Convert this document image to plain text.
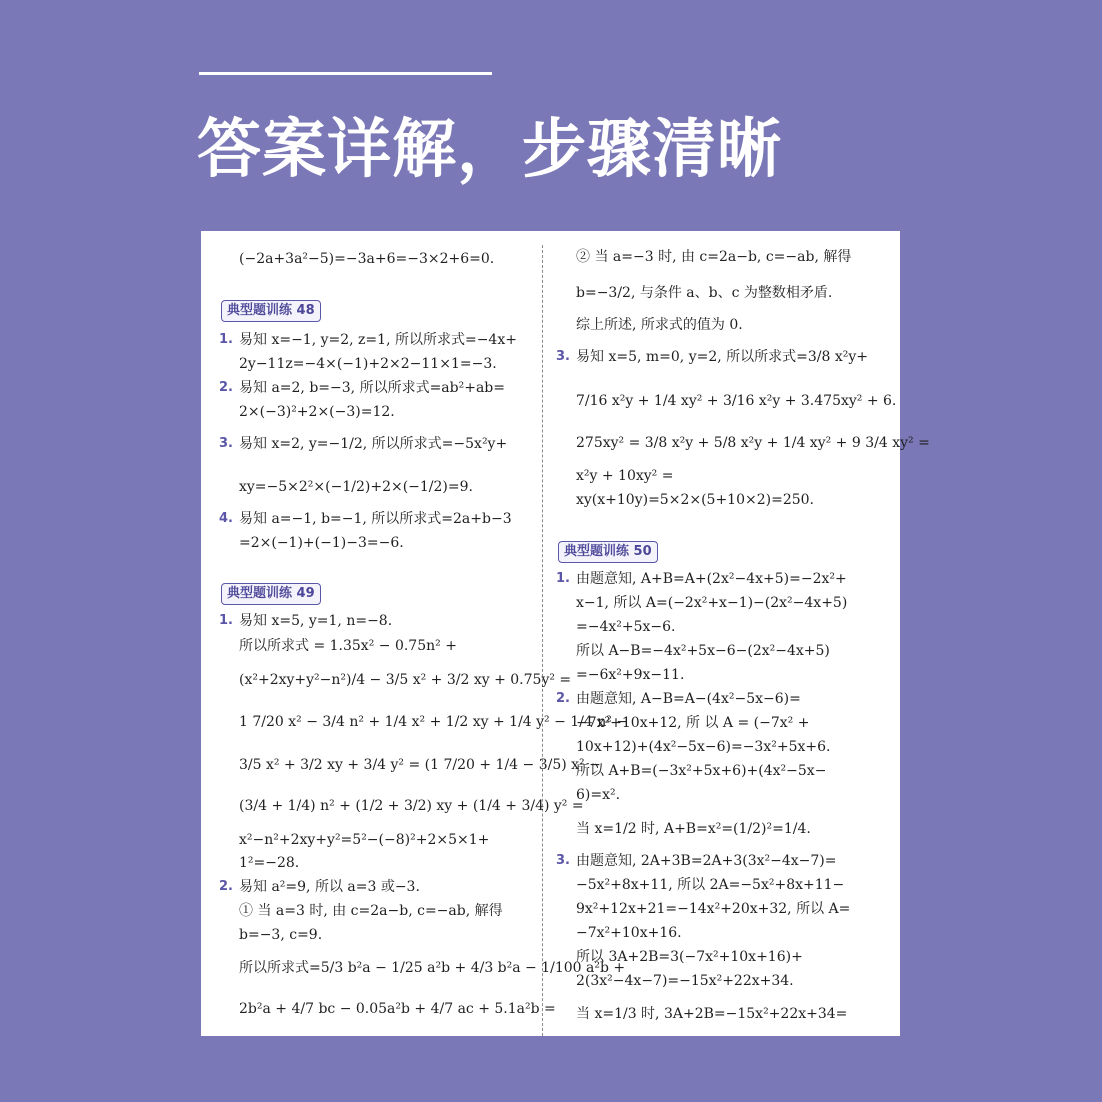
答案详解，步骤清晰
(−2a+3a²−5)=−3a+6=−3×2+6=0.
典型题训练 48
1. 易知 x=−1, y=2, z=1, 所以所求式=−4x+
2y−11z=−4×(−1)+2×2−11×1=−3.
2. 易知 a=2, b=−3, 所以所求式=ab²+ab=
2×(−3)²+2×(−3)=12.
3. 易知 x=2, y=−1/2, 所以所求式=−5x²y+
xy=−5×2²×(−1/2)+2×(−1/2)=9.
4. 易知 a=−1, b=−1, 所以所求式=2a+b−3
=2×(−1)+(−1)−3=−6.
典型题训练 49
1. 易知 x=5, y=1, n=−8.
所以所求式 = 1.35x² − 0.75n² +
(x²+2xy+y²−n²)/4 − 3/5 x² + 3/2 xy + 0.75y² =
1 7/20 x² − 3/4 n² + 1/4 x² + 1/2 xy + 1/4 y² − 1/4 n² −
3/5 x² + 3/2 xy + 3/4 y² = (1 7/20 + 1/4 − 3/5) x² −
(3/4 + 1/4) n² + (1/2 + 3/2) xy + (1/4 + 3/4) y² =
x²−n²+2xy+y²=5²−(−8)²+2×5×1+
1²=−28.
2. 易知 a²=9, 所以 a=3 或−3.
① 当 a=3 时, 由 c=2a−b, c=−ab, 解得
b=−3, c=9.
所以所求式=5/3 b²a − 1/25 a²b + 4/3 b²a − 1/100 a²b +
2b²a + 4/7 bc − 0.05a²b + 4/7 ac + 5.1a²b =
② 当 a=−3 时, 由 c=2a−b, c=−ab, 解得
b=−3/2, 与条件 a、b、c 为整数相矛盾.
综上所述, 所求式的值为 0.
3. 易知 x=5, m=0, y=2, 所以所求式=3/8 x²y+
7/16 x²y + 1/4 xy² + 3/16 x²y + 3.475xy² + 6.
275xy² = 3/8 x²y + 5/8 x²y + 1/4 xy² + 9 3/4 xy² =
x²y + 10xy² =
xy(x+10y)=5×2×(5+10×2)=250.
典型题训练 50
1. 由题意知, A+B=A+(2x²−4x+5)=−2x²+
x−1, 所以 A=(−2x²+x−1)−(2x²−4x+5)
=−4x²+5x−6.
所以 A−B=−4x²+5x−6−(2x²−4x+5)
=−6x²+9x−11.
2. 由题意知, A−B=A−(4x²−5x−6)=
−7x²+10x+12, 所 以 A = (−7x² +
10x+12)+(4x²−5x−6)=−3x²+5x+6.
所以 A+B=(−3x²+5x+6)+(4x²−5x−
6)=x².
当 x=1/2 时, A+B=x²=(1/2)²=1/4.
3. 由题意知, 2A+3B=2A+3(3x²−4x−7)=
−5x²+8x+11, 所以 2A=−5x²+8x+11−
9x²+12x+21=−14x²+20x+32, 所以 A=
−7x²+10x+16.
所以 3A+2B=3(−7x²+10x+16)+
2(3x²−4x−7)=−15x²+22x+34.
当 x=1/3 时, 3A+2B=−15x²+22x+34=
